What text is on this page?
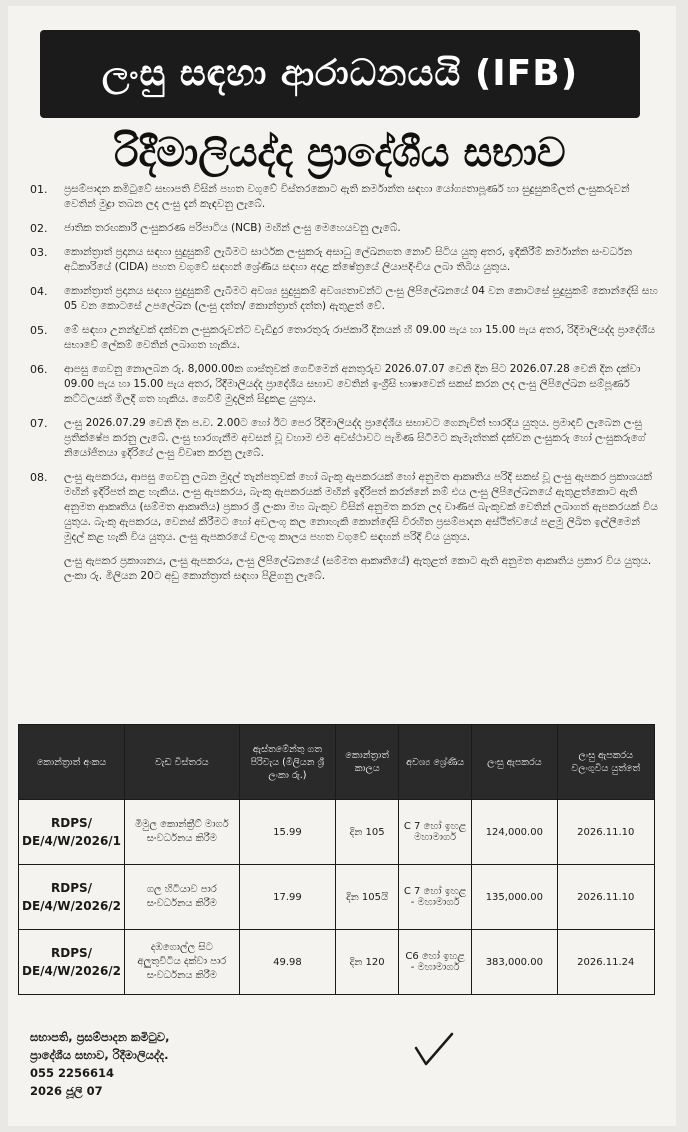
ලංසු සඳහා ආරාධනයයි (IFB)
රිදීමාලියද්ද ප්‍රාදේශීය සභාව
01.	ප්‍රසම්පාදන කමිටුවේ සභාපති විසින් පහත වගුවේ විස්තරකොට ඇති කර්මාන්ත සඳහා යෝග්‍යතාපූර්ණ හා සුදුසුකම්ලත් ලංසුකරුවන් වෙතින් මුද්‍රා තබන ලද ලංසු දැන් කැඳවනු ලැබේ.
02.	ජාතික තරඟකාරී ලංසුකරණ පරිපාටිය (NCB) මඟින් ලංසු මෙහෙයවනු ලැබේ.
03.	කොන්ත්‍රාත් ප්‍රදානය සඳහා සුදුසුකම් ලැබීමට සාර්ථක ලංසුකරු අසාධු ලේඛනගත නොවී සිටිය යුතු අතර, ඉදිකිරීම් කර්මාන්ත සංවර්ධන අධිකාරියේ (CIDA) පහත වගුවේ සඳහන් ශ්‍රේණිය සඳහා අදාළ ක්ෂේත්‍රයේ ලියාපදිංචිය ලබා තිබිය යුතුය.
04.	කොන්ත්‍රාත් ප්‍රදානය සඳහා සුදුසුකම් ලැබීමට අවශ්‍ය සුදුසුකම් අවශ්‍යතාවන්ට ලංසු ලිපිලේඛනයේ 04 වන කොටසේ සුදුසුකම් කොන්දේසි සහ 05 වන කොටසේ උපලේඛන (ලංසු දත්ත/ කොන්ත්‍රාත් දත්ත) ඇතුළත් වේ.
05.	මේ සඳහා උනන්දුවක් දක්වන ලංසුකරුවන්ට වැඩිදුර තොරතුරු රාජකාරී දිනයන් හි 09.00 පැය හා 15.00 පැය අතර, රිදීමාලියද්ද ප්‍රාදේශීය සභාවේ ලේකම් වෙතින් ලබාගත හැකිය.
06.	ආපසු ගෙවනු නොලබන රු. 8,000.00ක ගාස්තුවක් ගෙවීමෙන් අනතුරුව 2026.07.07 වෙනි දින සිට 2026.07.28 වෙනි දින දක්වා 09.00 පැය හා 15.00 පැය අතර, රිදීමාලියද්ද ප්‍රාදේශීය සභාව වෙතින් ඉංග්‍රීසි භාෂාවෙන් සකස් කරන ලද ලංසු ලිපිලේඛන සම්පූර්ණ කට්ටලයක් මිලදී ගත හැකිය. ගෙවීම් මුදලින් සිදුකළ යුතුය.
07.	ලංසු 2026.07.29 වෙනි දින ප.ව. 2.00ට හෝ ඊට පෙර රිදීමාලියද්ද ප්‍රාදේශීය සභාවට ගෙනැවිත් භාරදිය යුතුය. ප්‍රමාදවී ලැබෙන ලංසු ප්‍රතික්ෂේප කරනු ලැබේ. ලංසු භාරගැනීම අවසන් වූ වහාම එම අවස්ථාවට පැමිණ සිටීමට කැමැත්තක් දක්වන ලංසුකරු හෝ ලංසුකරුගේ නියෝජිතයා ඉදිරියේ ලංසු විවෘත කරනු ලැබේ.
08.	ලංසු ඇපකරය, ආපසු ගෙවනු ලබන මුදල් තැන්පතුවක් හෝ බැංකු ඇපකරයක් හෝ අනුමත ආකෘතිය පරිදි සකස් වූ ලංසු ඇපකර ප්‍රකාශයක් මඟින් ඉදිරිපත් කළ හැකිය. ලංසු ඇපකරය, බැංකු ඇපකරයක් මඟින් ඉදිරිපත් කරන්නේ නම් එය ලංසු ලිපිලේඛනයේ ඇතුළත්කොට ඇති අනුමත ආකෘතිය (සම්මත ආකෘතිය) ප්‍රකාර ශ්‍රී ලංකා මහ බැංකුව විසින් අනුමත කරන ලද වාණිජ බැංකුවක් වෙතින් ලබාගත් ඇපකරයක් විය යුතුය. බැංකු ඇපකරය, වෙනස් කිරීමට හෝ අවලංගු කල නොහැකි කොන්දේසි විරහිත ප්‍රසම්පාදන අස්ථිත්වයේ පළමු ලිඛිත ඉල්ලීමෙන් මුදල් කළ හැකි විය යුතුය. ලංසු ඇපකරයේ වලංගු කාලය පහත වගුවේ සඳහන් පරිදි විය යුතුය.
ලංසු ඇපකර ප්‍රකාශනය, ලංසු ඇපකරය, ලංසු ලිපිලේඛනයේ (සම්මත ආකෘතියේ) ඇතුළත් කොට ඇති අනුමත ආකෘතිය ප්‍රකාර විය යුතුය. ලංකා රු. මිලියන 20ට අඩු කොන්ත්‍රාත් සඳහා පිළිගනු ලැබේ.
කොන්ත්‍රාත් අංකය	වැඩ විස්තරය	ඇස්තමේන්තු ගත පිරිවැය (මිලියන ශ්‍රී ලංකා රු.)	කොන්ත්‍රාත් කාලය	අවශ්‍ය ශ්‍රේණිය	ලංසු ඇපකරය	ලංසු ඇපකරය වලංගුවිය යුත්තේ
RDPS/ DE/4/W/2026/1	මිමුල කොන්ක්‍රීට් මාර්ග සංවර්ධනය කිරීම	15.99	දින 105	C 7 හෝ ඉහළ මහාමාර්ග	124,000.00	2026.11.10
RDPS/ DE/4/W/2026/2	ගල හිටියාව පාර සංවර්ධනය කිරීම	17.99	දින 105යි	C 7 හෝ ඉහළ - මහාමාර්ග	135,000.00	2026.11.10
RDPS/ DE/4/W/2026/2	දඹගොල්ල සිට අලුතුවිටිය දක්වා පාර සංවර්ධනය කිරීම	49.98	දින 120	C6 හෝ ඉහළ - මහාමාර්ග	383,000.00	2026.11.24
සභාපති, ප්‍රසම්පාදන කමිටුව,
ප්‍රාදේශීය සභාව, රිදීමාලියද්ද.
055 2256614
2026 ජූලි 07
